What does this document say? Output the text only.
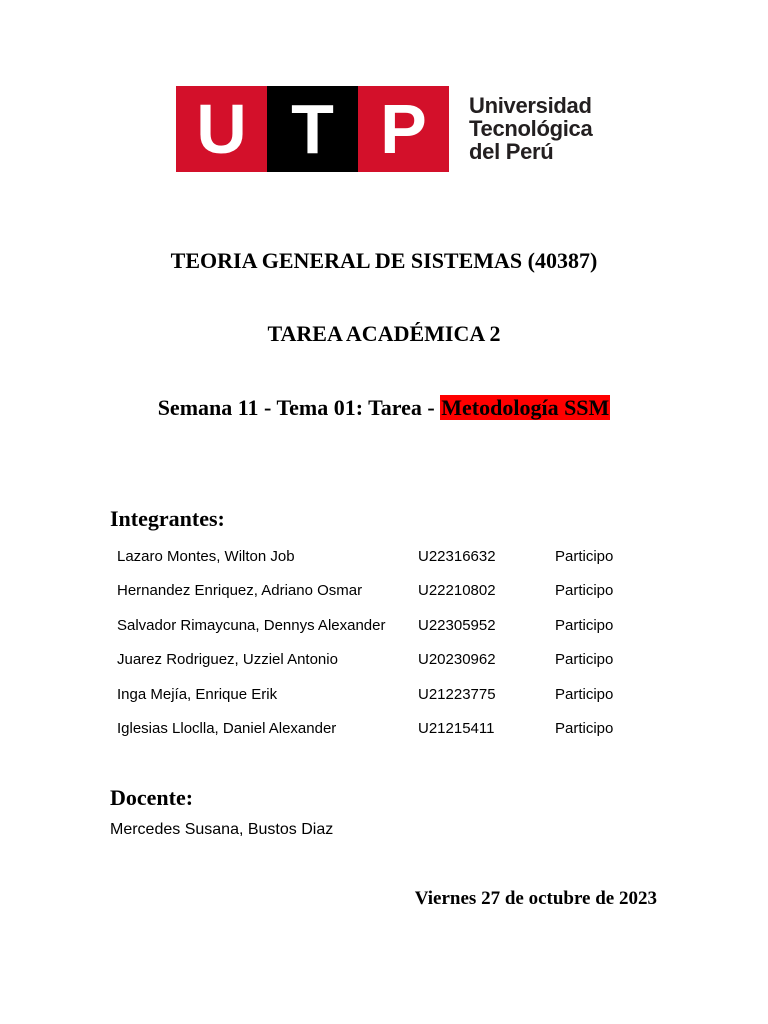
U T P	Universidad
Tecnológica
del Perú
TEORIA GENERAL DE SISTEMAS (40387)
TAREA ACADÉMICA 2
Semana 11 - Tema 01: Tarea - Metodología SSM
Integrantes:
Lazaro Montes, Wilton Job	U22316632	Participo
Hernandez Enriquez, Adriano Osmar	U22210802	Participo
Salvador Rimaycuna, Dennys Alexander U22305952	Participo
Juarez Rodriguez, Uzziel Antonio	U20230962	Participo
Inga Mejía, Enrique Erik	U21223775	Participo
Iglesias Lloclla, Daniel Alexander	U21215411	Participo
Docente:
Mercedes Susana, Bustos Diaz
Viernes 27 de octubre de 2023
